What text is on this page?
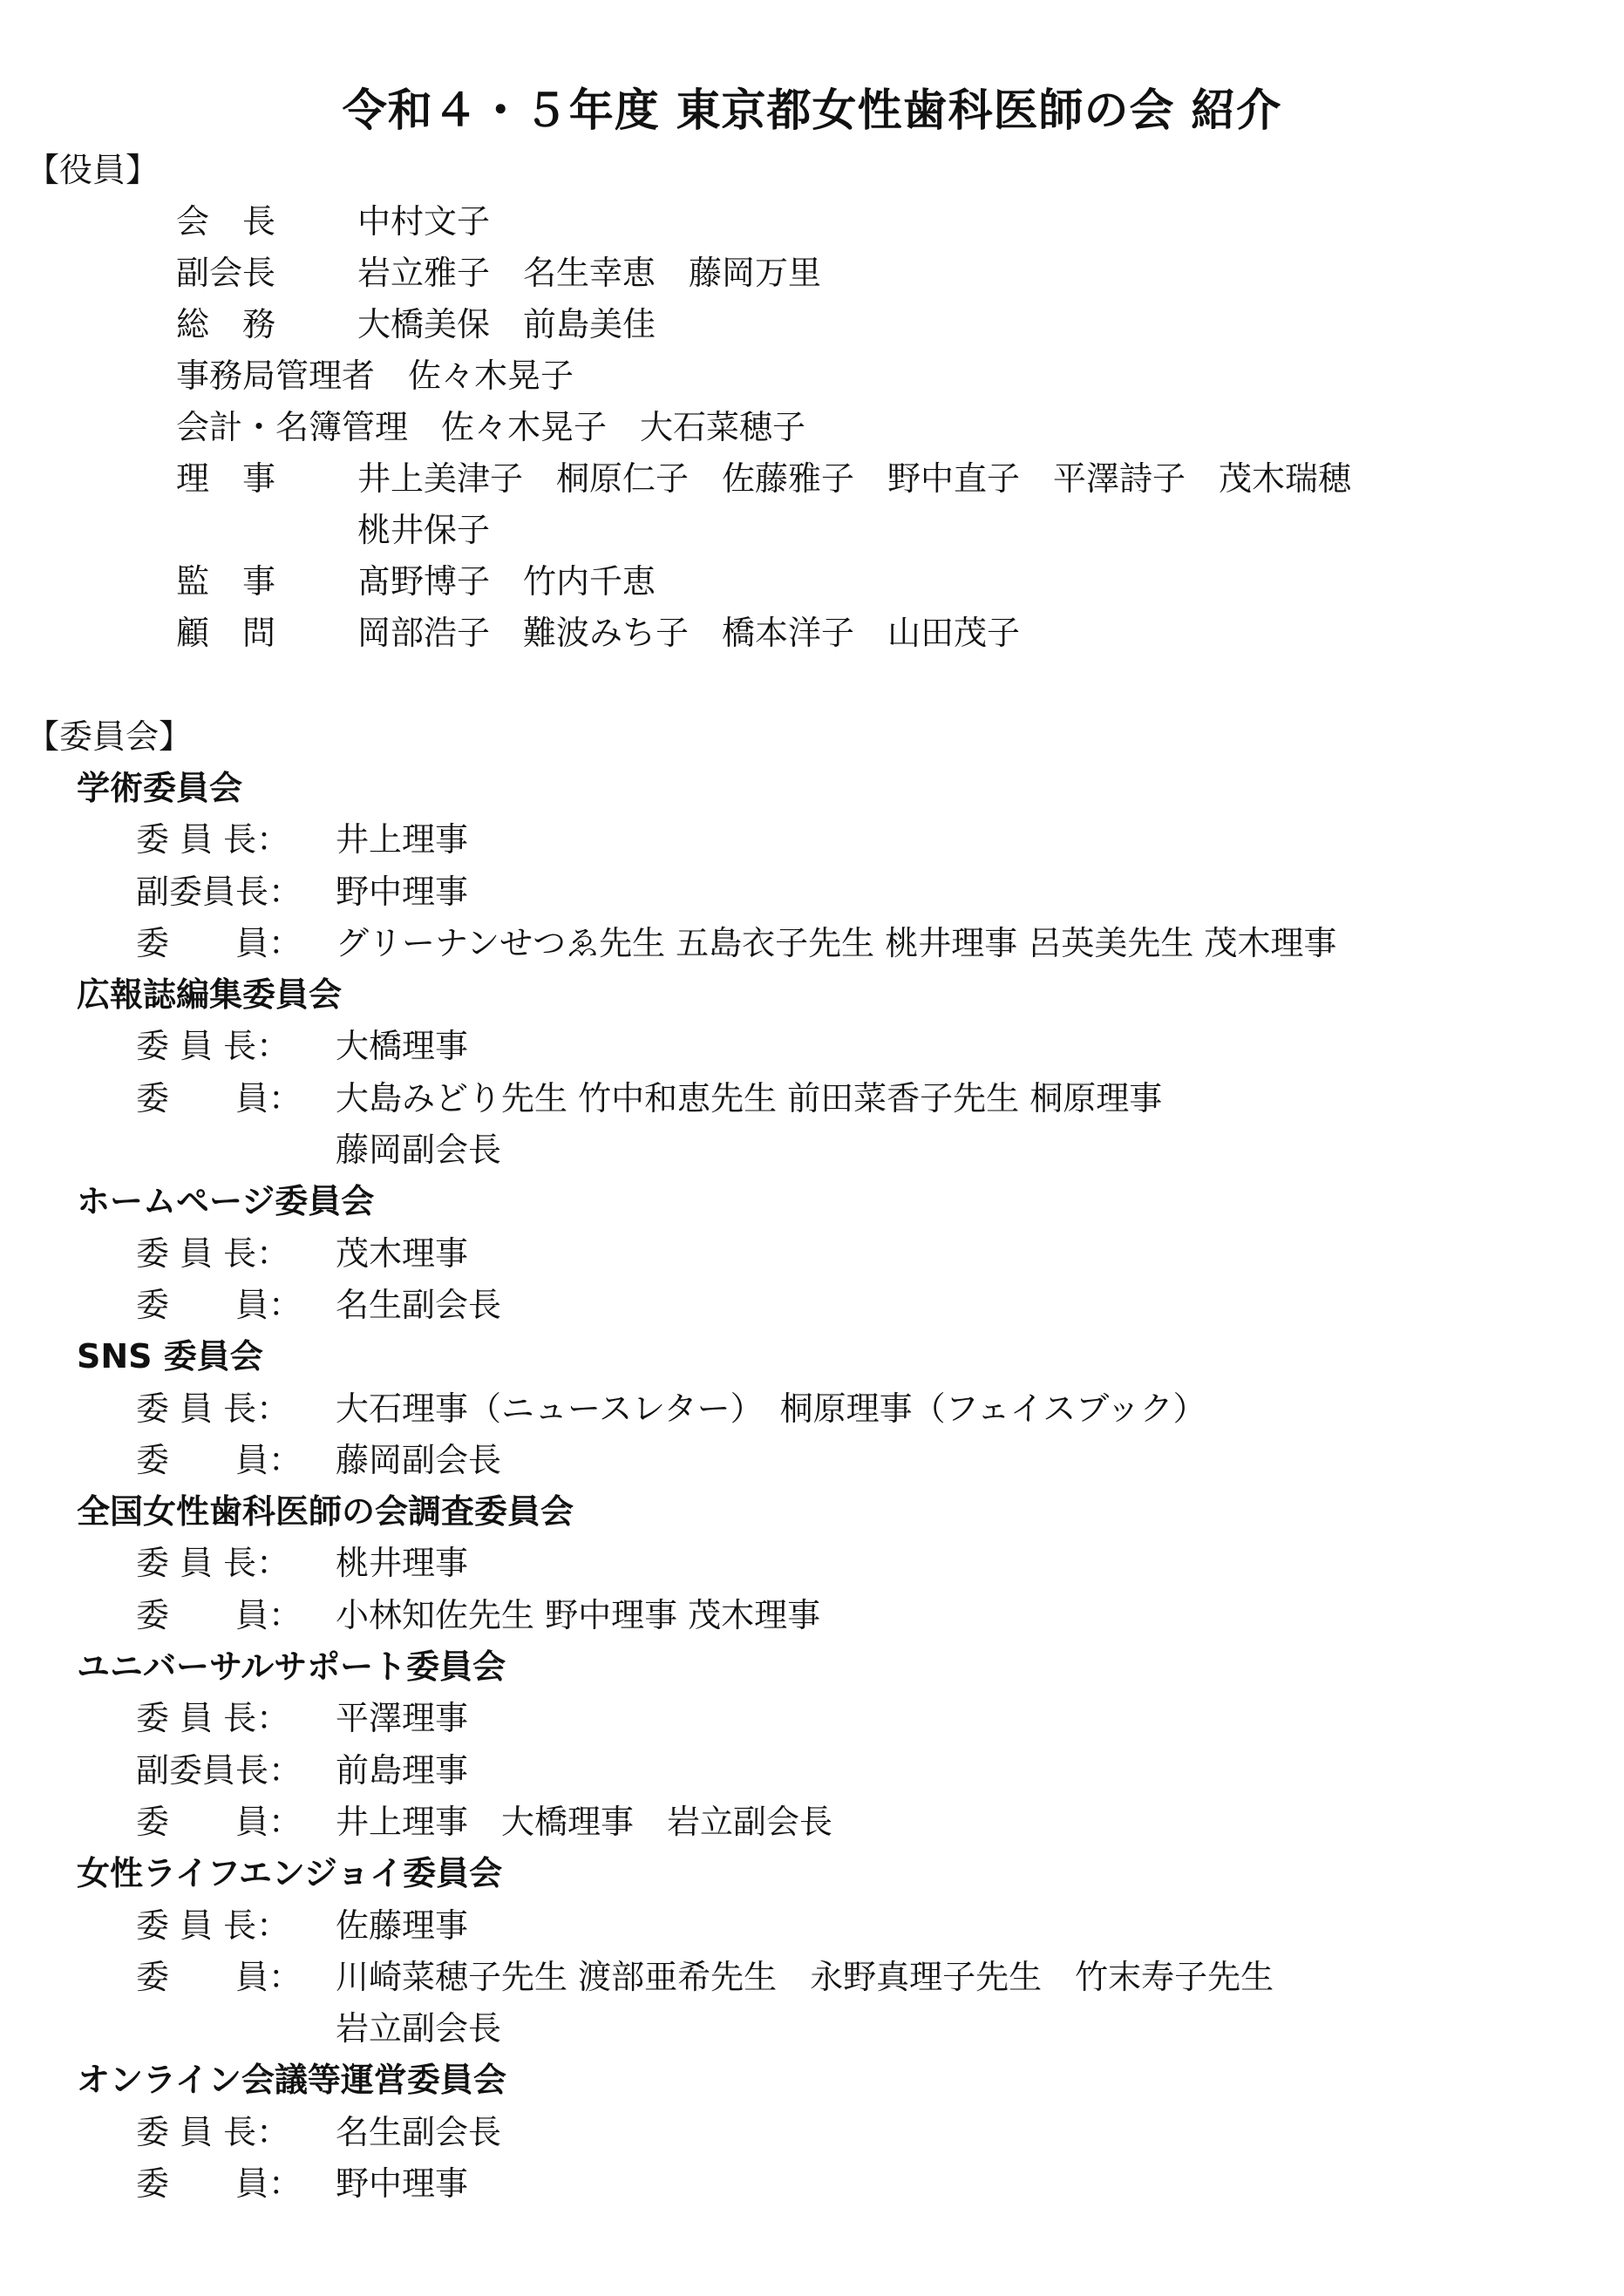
令和４・５年度 東京都女性歯科医師の会 紹介
【役員】
会　長 中村文子
副会長 岩立雅子　名生幸恵　藤岡万里
総　務 大橋美保　前島美佳
事務局管理者　佐々木晃子
会計・名簿管理　佐々木晃子　大石菜穂子
理　事 井上美津子　桐原仁子　佐藤雅子　野中直子　平澤詩子　茂木瑞穂
桃井保子
監　事 髙野博子　竹内千恵
顧　問 岡部浩子　難波みち子　橋本洋子　山田茂子
【委員会】
学術委員会
委 員 長： 井上理事
副委員長： 野中理事
委　　員： グリーナンせつゑ先生 五島衣子先生 桃井理事 呂英美先生 茂木理事
広報誌編集委員会
委 員 長： 大橋理事
委　　員： 大島みどり先生 竹中和恵先生 前田菜香子先生 桐原理事
藤岡副会長
ホームページ委員会
委 員 長： 茂木理事
委　　員： 名生副会長
SNS 委員会
委 員 長： 大石理事（ニュースレター）　桐原理事（フェイスブック）
委　　員： 藤岡副会長
全国女性歯科医師の会調査委員会
委 員 長： 桃井理事
委　　員： 小林知佐先生 野中理事 茂木理事
ユニバーサルサポート委員会
委 員 長： 平澤理事
副委員長： 前島理事
委　　員： 井上理事　大橋理事　岩立副会長
女性ライフエンジョイ委員会
委 員 長： 佐藤理事
委　　員： 川崎菜穂子先生 渡部亜希先生　永野真理子先生　竹末寿子先生
岩立副会長
オンライン会議等運営委員会
委 員 長： 名生副会長
委　　員： 野中理事
